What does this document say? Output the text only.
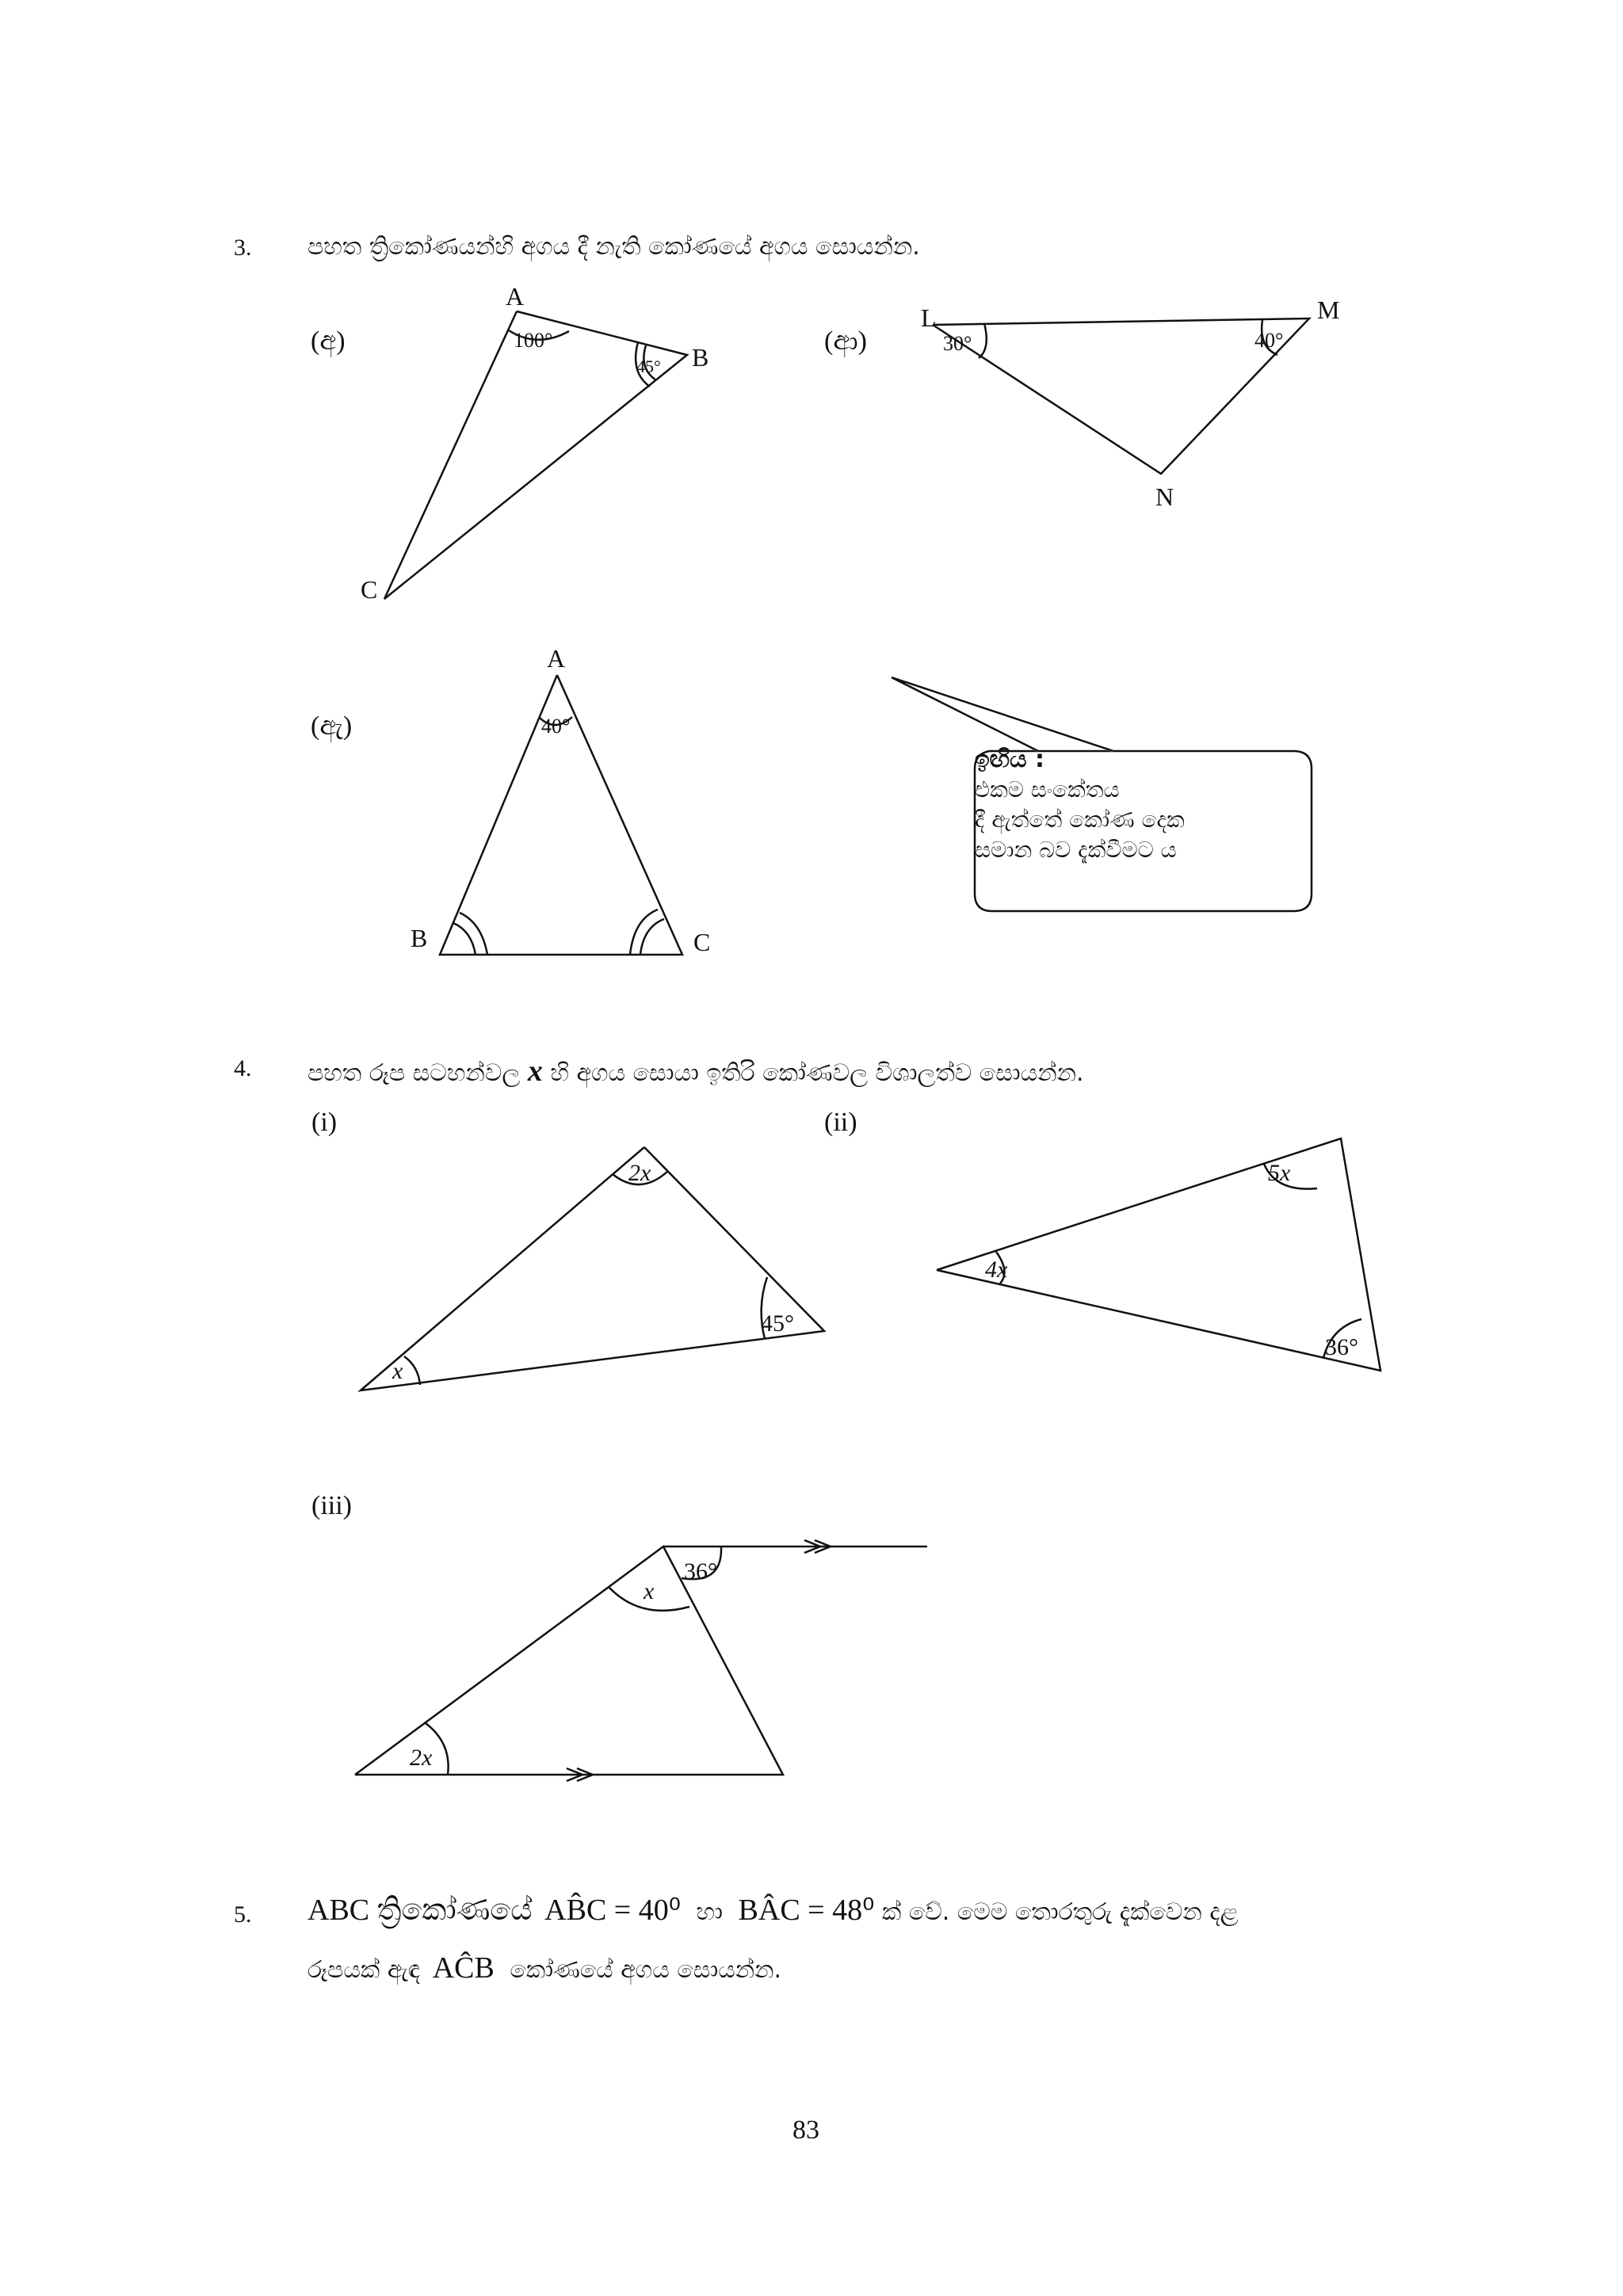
3. පහත ත්‍රිකෝණයන්හි අගය දී නැති කෝණයේ අගය සොයන්න.
(අ)	(ආ)
(ඇ)
4. පහත රූප සටහන්වල x හි අගය සොයා ඉතිරි කෝණවල විශාලත්ව සොයන්න.
(i)	(ii)
(iii)
5. ABC ත්‍රිකෝණයේ AB̂C = 40⁰ හා BÂC = 48⁰ ක් වේ. මෙම තොරතුරු දැක්වෙන දළ
රූපයක් ඇඳ AĈB කෝණයේ අගය සොයන්න.
ඉඟිය :
එකම සංකේතය
දී ඇත්තේ කෝණ දෙක
සමාන බව දැක්වීමට ය
83
A
B
C
100°
45°
L	M
N
30°	40°
A
B	C
40°
2x
45°
x
5x
4x
36°
x
36°
2x
